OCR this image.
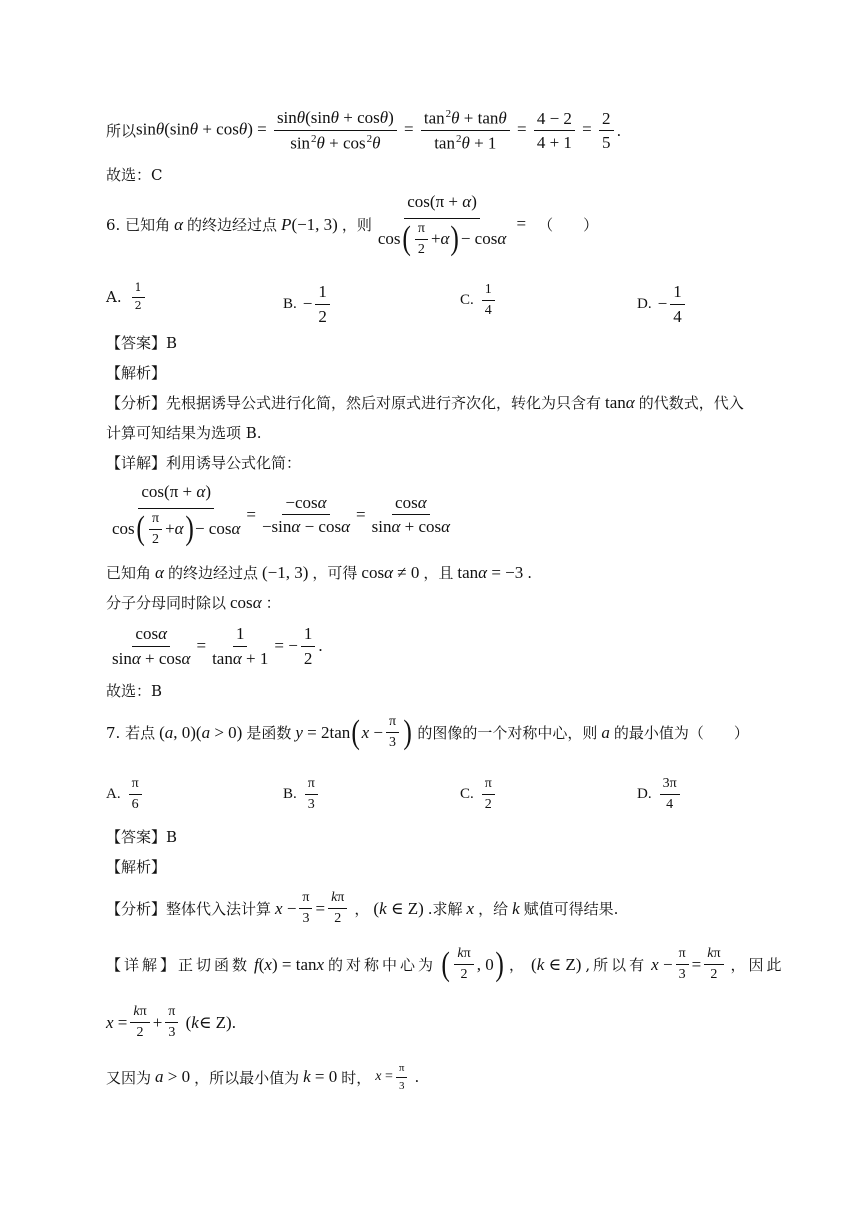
所以 $\sin\theta(\sin\theta + \cos\theta) = \frac{\sin\theta(\sin\theta + \cos\theta)}{\sin^2\theta + \cos^2\theta} = \frac{\tan^2\theta + \tan\theta}{\tan^2\theta + 1} = \frac{4 - 2}{4 + 1} = \frac{2}{5}$ .
故选：C
6. 已知角 α 的终边经过点 P(−1, 3) ，则 $\frac{\cos(\pi + \alpha)}{\cos ( \frac{\pi}{2} + \alpha ) - \cos \alpha}$ = （　　）
A. $\frac{1}{2}$	B. − $\frac{1}{2}$	C. $\frac{1}{4}$	D. − $\frac{1}{4}$
【答案】B
【解析】
【分析】先根据诱导公式进行化简，然后对原式进行齐次化，转化为只含有 tanα 的代数式，代入
计算可知结果为选项 B.
【详解】利用诱导公式化简：
$\frac{\cos(\pi + \alpha)}{\cos ( \frac{\pi}{2} + \alpha ) - \cos \alpha} = \frac{-\cos\alpha}{-\sin\alpha - \cos\alpha} = \frac{\cos\alpha}{\sin\alpha + \cos\alpha}$
已知角 α 的终边经过点 (−1, 3) ，可得 cosα ≠ 0 ，且 tanα = −3 .
分子分母同时除以 cosα ：
$\frac{\cos\alpha}{\sin\alpha + \cos\alpha} = \frac{1}{\tan\alpha + 1}$ = − $\frac{1}{2}$ .
故选：B
7. 若点 (a, 0)(a > 0) 是函数 y = 2tan ( $x - \frac{\pi}{3}$ ) 的图像的一个对称中心，则 a 的最小值为（　　）
A. $\frac{\pi}{6}$	B. $\frac{\pi}{3}$	C. $\frac{\pi}{2}$	D. $\frac{3\pi}{4}$
【答案】B
【解析】
【分析】整体代入法计算 $x - \frac{\pi}{3} = \frac{k\pi}{2}$ ， (k ∈ Z) .求解 x ，给 k 赋值可得结果.
【详解】正切函数 f(x) = tanx 的对称中心为 ( $\frac{k\pi}{2}$ , 0 ) ， (k ∈ Z) ,所以有 $x - \frac{\pi}{3} = \frac{k\pi}{2}$ ，因此
$x = \frac{k\pi}{2} + \frac{\pi}{3}$ ( k ∈ Z) .
又因为 a > 0 ，所以最小值为 k = 0 时， $x = \frac{\pi}{3}$ .
